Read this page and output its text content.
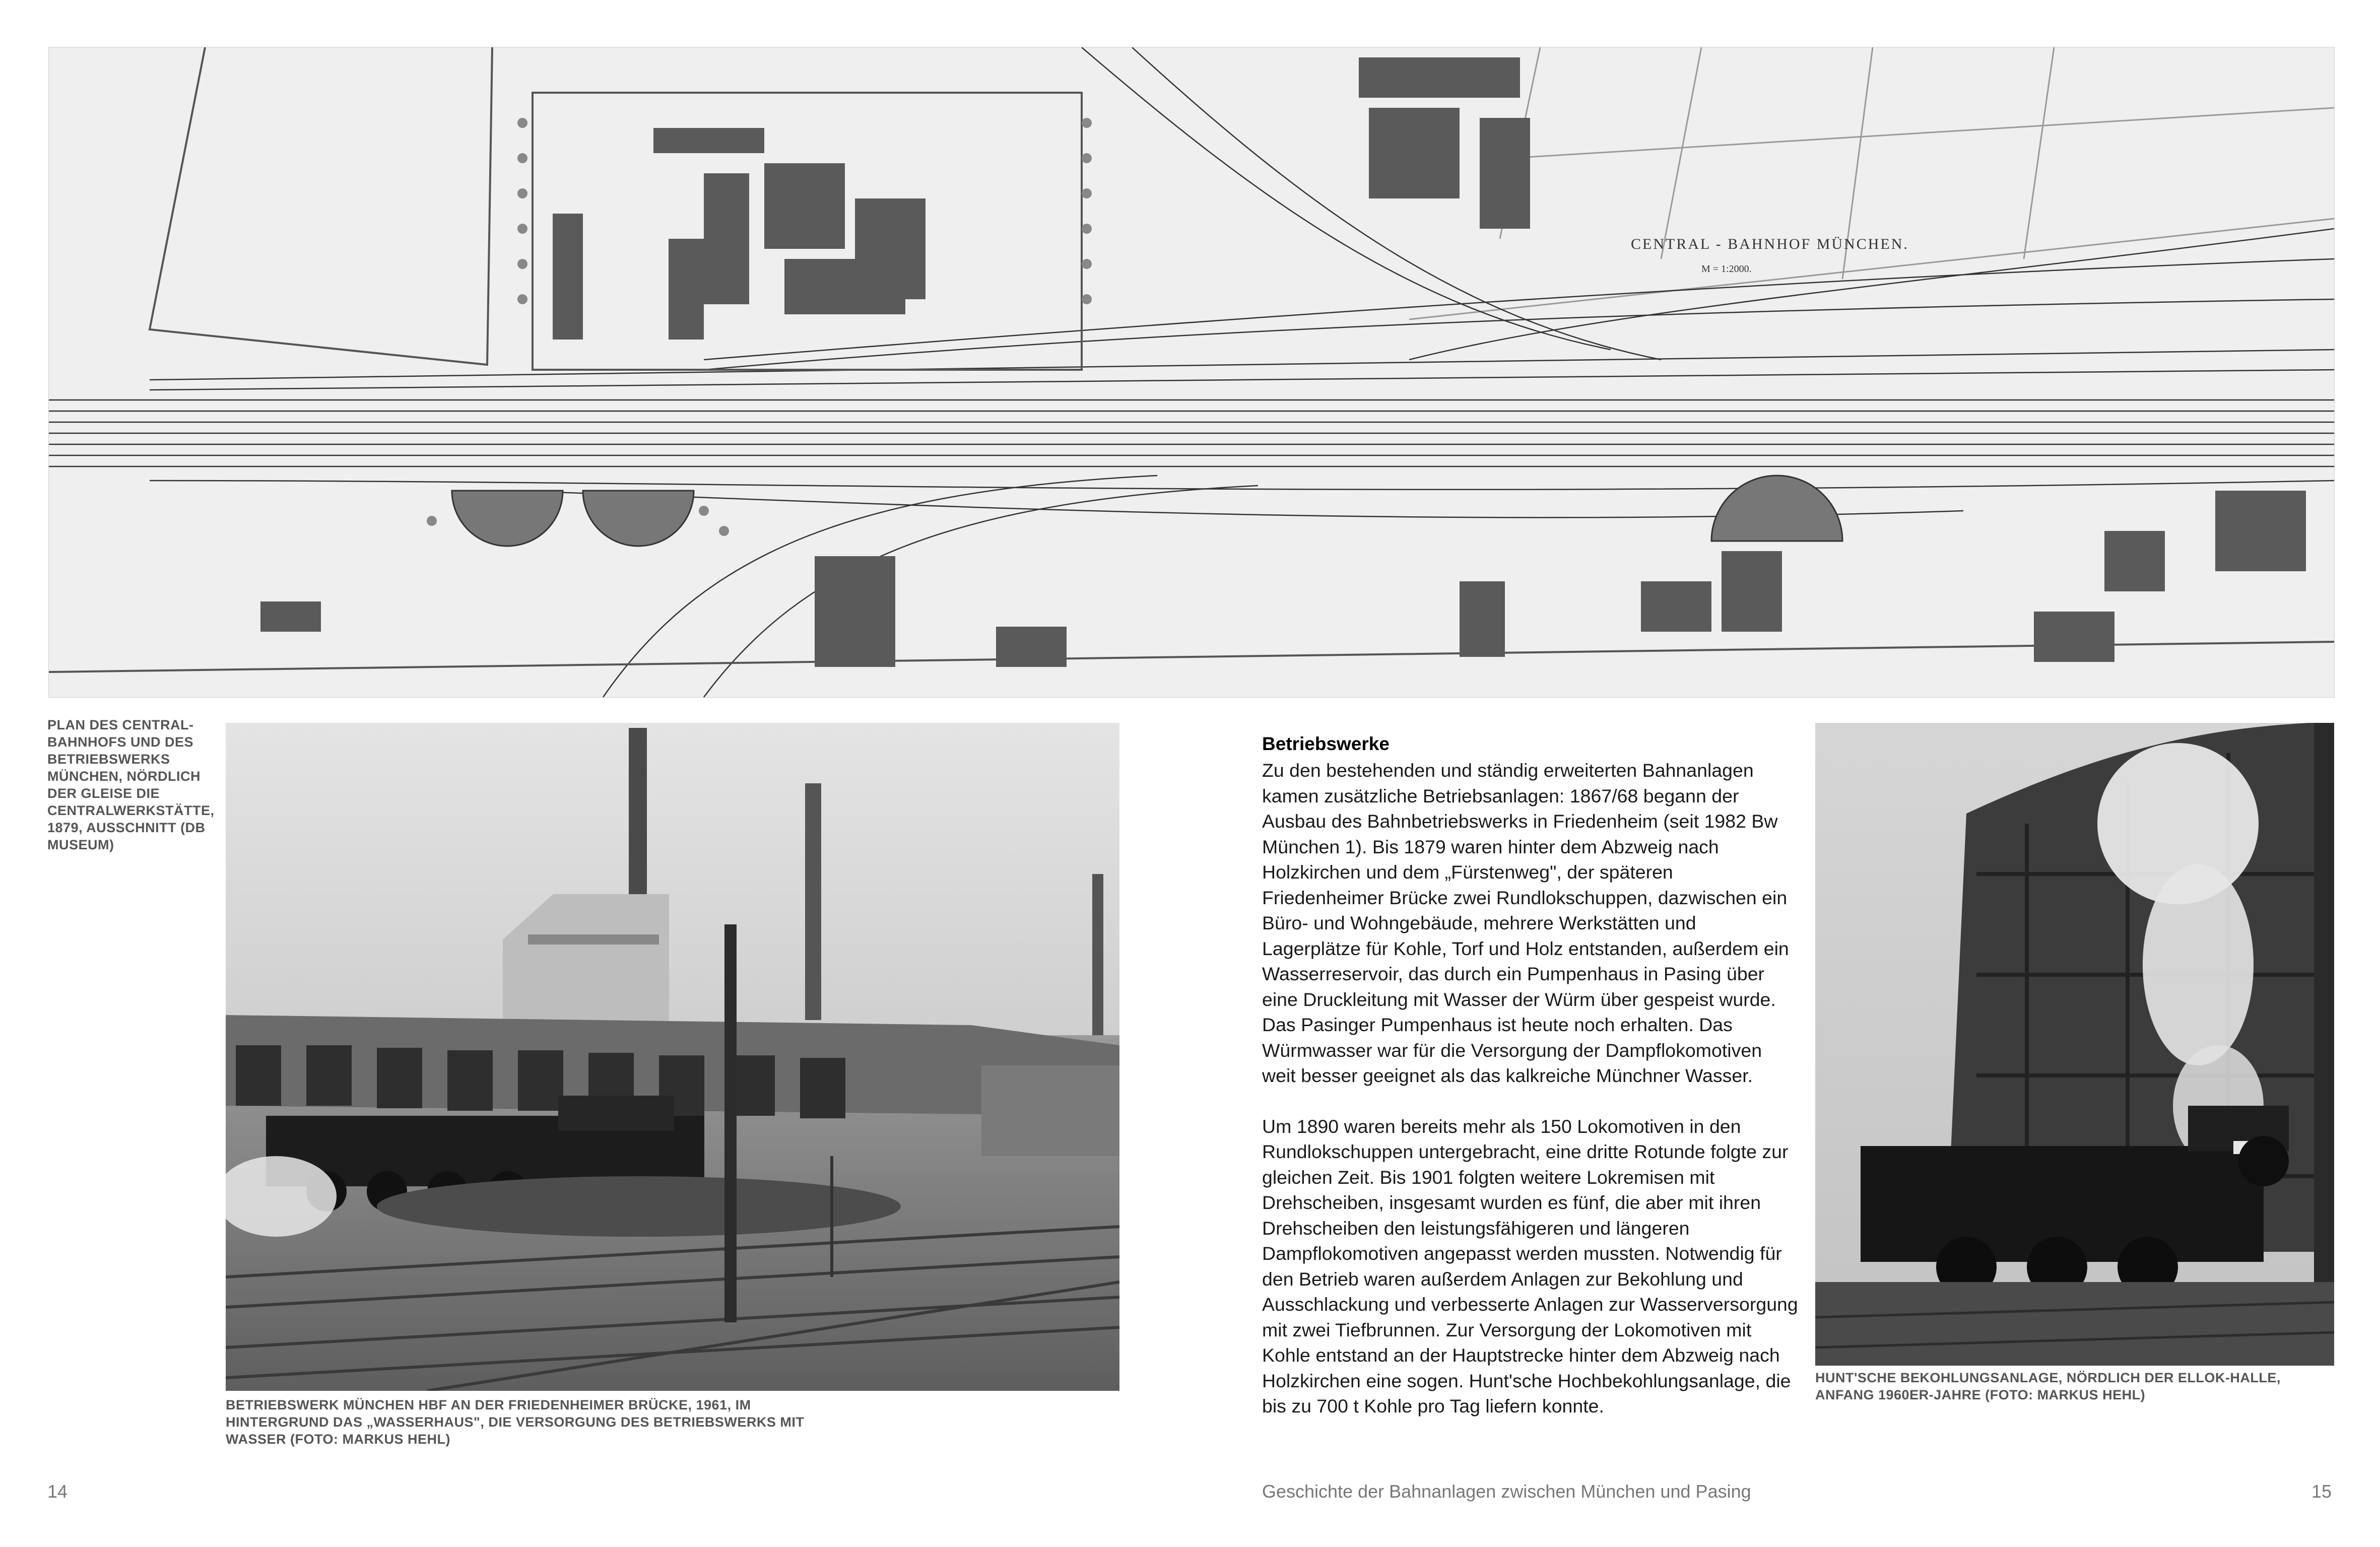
CENTRAL - BAHNHOF MÜNCHEN.
M = 1:2000.
PLAN DES CENTRAL-BAHNHOFS UND DES BETRIEBSWERKS MÜNCHEN, NÖRDLICH DER GLEISE DIE CENTRALWERKSTÄTTE, 1879, AUSSCHNITT (DB MUSEUM)
BETRIEBSWERK MÜNCHEN HBF AN DER FRIEDENHEIMER BRÜCKE, 1961, IM HINTERGRUND DAS „WASSERHAUS", DIE VERSORGUNG DES BETRIEBSWERKS MIT WASSER (FOTO: MARKUS HEHL)
Betriebswerke

Zu den bestehenden und ständig erweiterten Bahnanlagen kamen zusätzliche Betriebsanlagen: 1867/68 begann der Ausbau des Bahnbetriebswerks in Friedenheim (seit 1982 Bw München 1). Bis 1879 waren hinter dem Abzweig nach Holzkirchen und dem „Fürstenweg", der späteren Friedenheimer Brücke zwei Rundlokschuppen, dazwischen ein Büro- und Wohngebäude, mehrere Werkstätten und Lagerplätze für Kohle, Torf und Holz entstanden, außerdem ein Wasserreservoir, das durch ein Pumpenhaus in Pasing über eine Druckleitung mit Wasser der Würm über gespeist wurde. Das Pasinger Pumpenhaus ist heute noch erhalten. Das Würmwasser war für die Versorgung der Dampflokomotiven weit besser geeignet als das kalkreiche Münchner Wasser.

Um 1890 waren bereits mehr als 150 Lokomotiven in den Rundlokschuppen untergebracht, eine dritte Rotunde folgte zur gleichen Zeit. Bis 1901 folgten weitere Lokremisen mit Drehscheiben, insgesamt wurden es fünf, die aber mit ihren Drehscheiben den leistungsfähigeren und längeren Dampflokomotiven angepasst werden mussten. Notwendig für den Betrieb waren außerdem Anlagen zur Bekohlung und Ausschlackung und verbesserte Anlagen zur Wasserversorgung mit zwei Tiefbrunnen. Zur Versorgung der Lokomotiven mit Kohle entstand an der Hauptstrecke hinter dem Abzweig nach Holzkirchen eine sogen. Hunt'sche Hochbekohlungsanlage, die bis zu 700 t Kohle pro Tag liefern konnte.

HUNT'SCHE BEKOHLUNGSANLAGE, NÖRDLICH DER ELLOK-HALLE, ANFANG 1960ER-JAHRE (FOTO: MARKUS HEHL)
14	Geschichte der Bahnanlagen zwischen München und Pasing	15
